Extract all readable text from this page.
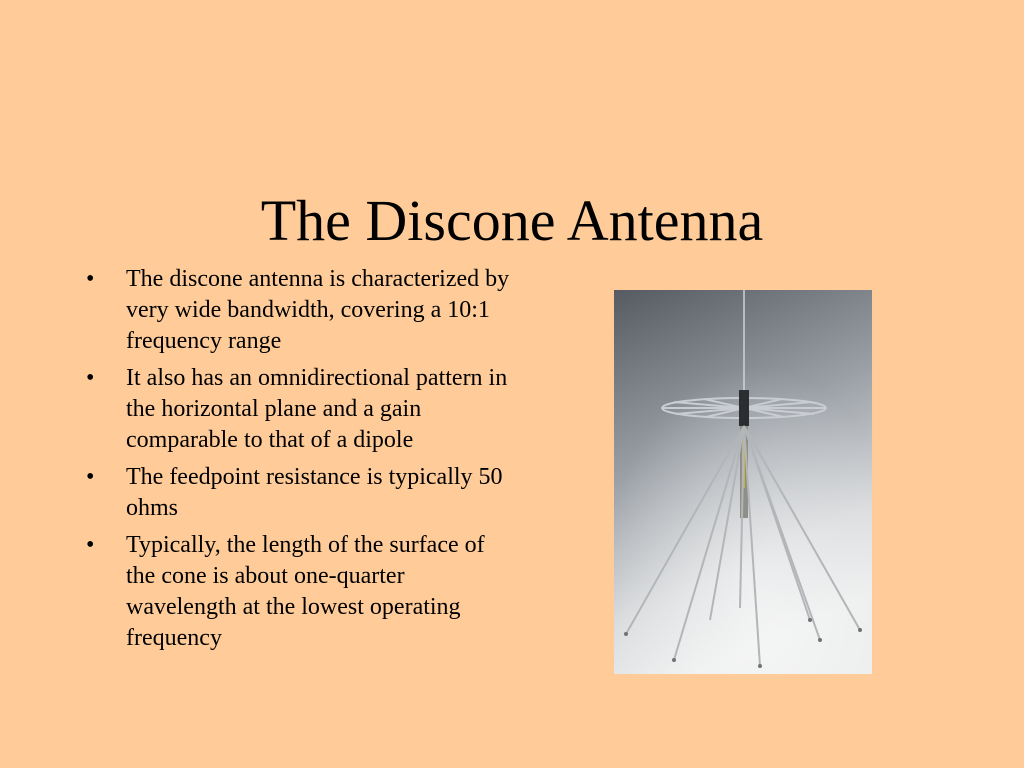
The Discone Antenna
•	The discone antenna is characterized by very wide bandwidth, covering a 10:1 frequency range
•	It also has an omnidirectional pattern in the horizontal plane and a gain comparable to that of a dipole
•	The feedpoint resistance is typically 50 ohms
•	Typically, the length of the surface of the cone is about one-quarter wavelength at the lowest operating frequency
